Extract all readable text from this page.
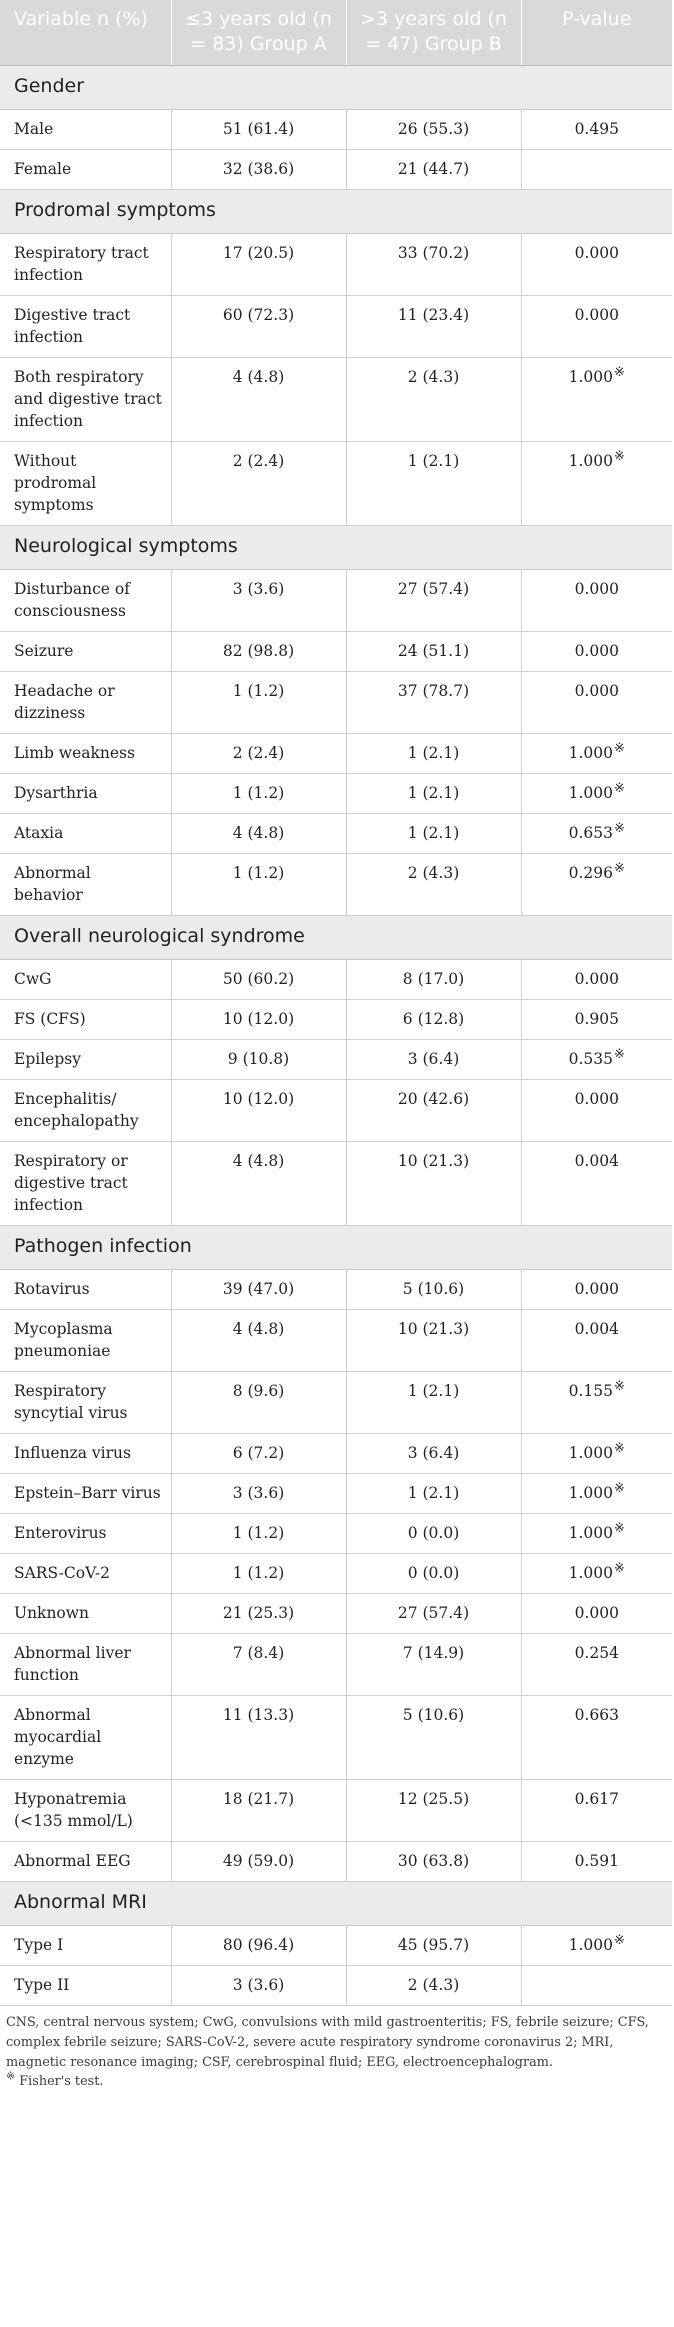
Variable n (%)	≤3 years old (n = 83) Group A	>3 years old (n = 47) Group B	P-value
Gender			
Male	51 (61.4)	26 (55.3)	0.495
Female	32 (38.6)	21 (44.7)	
Prodromal symptoms			
Respiratory tract infection	17 (20.5)	33 (70.2)	0.000
Digestive tract infection	60 (72.3)	11 (23.4)	0.000
Both respiratory and digestive tract infection	4 (4.8)	2 (4.3)	1.000※
Without prodromal symptoms	2 (2.4)	1 (2.1)	1.000※
Neurological symptoms			
Disturbance of consciousness	3 (3.6)	27 (57.4)	0.000
Seizure	82 (98.8)	24 (51.1)	0.000
Headache or dizziness	1 (1.2)	37 (78.7)	0.000
Limb weakness	2 (2.4)	1 (2.1)	1.000※
Dysarthria	1 (1.2)	1 (2.1)	1.000※
Ataxia	4 (4.8)	1 (2.1)	0.653※
Abnormal behavior	1 (1.2)	2 (4.3)	0.296※
Overall neurological syndrome			
CwG	50 (60.2)	8 (17.0)	0.000
FS (CFS)	10 (12.0)	6 (12.8)	0.905
Epilepsy	9 (10.8)	3 (6.4)	0.535※
Encephalitis/ encephalopathy	10 (12.0)	20 (42.6)	0.000
Respiratory or digestive tract infection	4 (4.8)	10 (21.3)	0.004
Pathogen infection			
Rotavirus	39 (47.0)	5 (10.6)	0.000
Mycoplasma pneumoniae	4 (4.8)	10 (21.3)	0.004
Respiratory syncytial virus	8 (9.6)	1 (2.1)	0.155※
Influenza virus	6 (7.2)	3 (6.4)	1.000※
Epstein–Barr virus	3 (3.6)	1 (2.1)	1.000※
Enterovirus	1 (1.2)	0 (0.0)	1.000※
SARS-CoV-2	1 (1.2)	0 (0.0)	1.000※
Unknown	21 (25.3)	27 (57.4)	0.000
Abnormal liver function	7 (8.4)	7 (14.9)	0.254
Abnormal myocardial enzyme	11 (13.3)	5 (10.6)	0.663
Hyponatremia (<135 mmol/L)	18 (21.7)	12 (25.5)	0.617
Abnormal EEG	49 (59.0)	30 (63.8)	0.591
Abnormal MRI			
Type I	80 (96.4)	45 (95.7)	1.000※
Type II	3 (3.6)	2 (4.3)	

CNS, central nervous system; CwG, convulsions with mild gastroenteritis; FS, febrile seizure; CFS, complex febrile seizure; SARS-CoV-2, severe acute respiratory syndrome coronavirus 2; MRI, magnetic resonance imaging; CSF, cerebrospinal fluid; EEG, electroencephalogram.

※ Fisher's test.
